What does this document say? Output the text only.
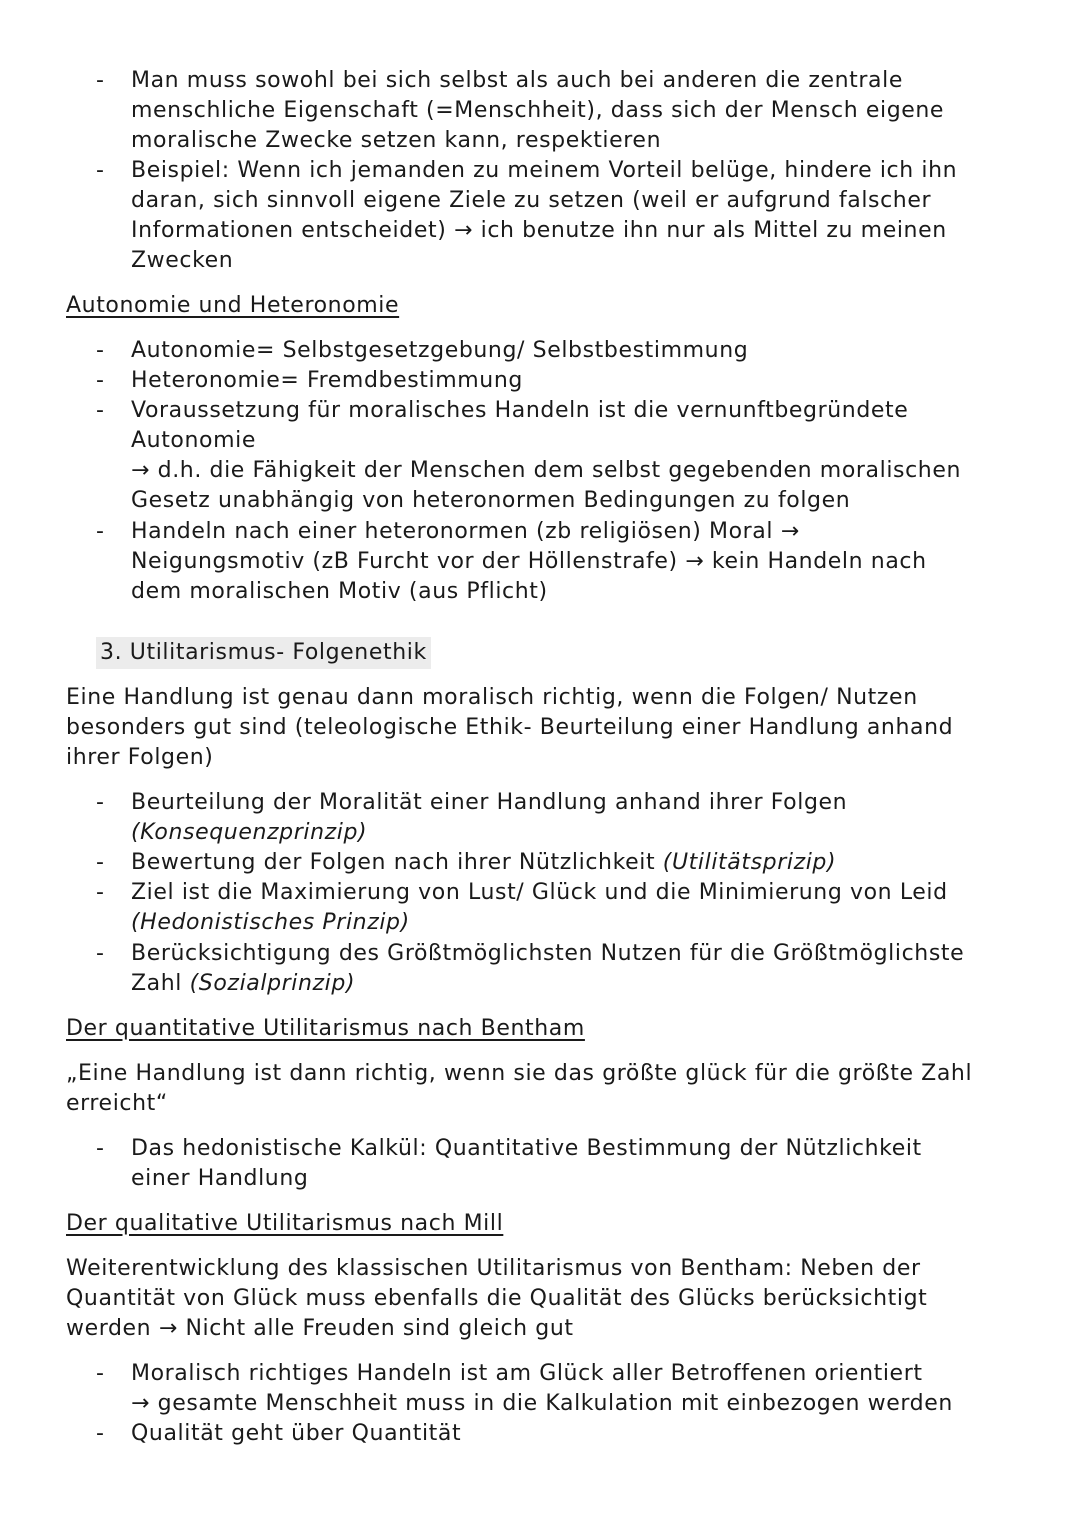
- Man muss sowohl bei sich selbst als auch bei anderen die zentrale
menschliche Eigenschaft (=Menschheit), dass sich der Mensch eigene
moralische Zwecke setzen kann, respektieren
- Beispiel: Wenn ich jemanden zu meinem Vorteil belüge, hindere ich ihn
daran, sich sinnvoll eigene Ziele zu setzen (weil er aufgrund falscher
Informationen entscheidet) → ich benutze ihn nur als Mittel zu meinen
Zwecken
Autonomie und Heteronomie
- Autonomie= Selbstgesetzgebung/ Selbstbestimmung
- Heteronomie= Fremdbestimmung
- Voraussetzung für moralisches Handeln ist die vernunftbegründete
Autonomie
→ d.h. die Fähigkeit der Menschen dem selbst gegebenden moralischen
Gesetz unabhängig von heteronormen Bedingungen zu folgen
- Handeln nach einer heteronormen (zb religiösen) Moral →
Neigungsmotiv (zB Furcht vor der Höllenstrafe) → kein Handeln nach
dem moralischen Motiv (aus Pflicht)
3. Utilitarismus- Folgenethik
Eine Handlung ist genau dann moralisch richtig, wenn die Folgen/ Nutzen
besonders gut sind (teleologische Ethik- Beurteilung einer Handlung anhand
ihrer Folgen)
- Beurteilung der Moralität einer Handlung anhand ihrer Folgen
(Konsequenzprinzip)
- Bewertung der Folgen nach ihrer Nützlichkeit (Utilitätsprizip)
- Ziel ist die Maximierung von Lust/ Glück und die Minimierung von Leid
(Hedonistisches Prinzip)
- Berücksichtigung des Größtmöglichsten Nutzen für die Größtmöglichste
Zahl (Sozialprinzip)
Der quantitative Utilitarismus nach Bentham
„Eine Handlung ist dann richtig, wenn sie das größte glück für die größte Zahl
erreicht“
- Das hedonistische Kalkül: Quantitative Bestimmung der Nützlichkeit
einer Handlung
Der qualitative Utilitarismus nach Mill
Weiterentwicklung des klassischen Utilitarismus von Bentham: Neben der
Quantität von Glück muss ebenfalls die Qualität des Glücks berücksichtigt
werden → Nicht alle Freuden sind gleich gut
- Moralisch richtiges Handeln ist am Glück aller Betroffenen orientiert
→ gesamte Menschheit muss in die Kalkulation mit einbezogen werden
- Qualität geht über Quantität
